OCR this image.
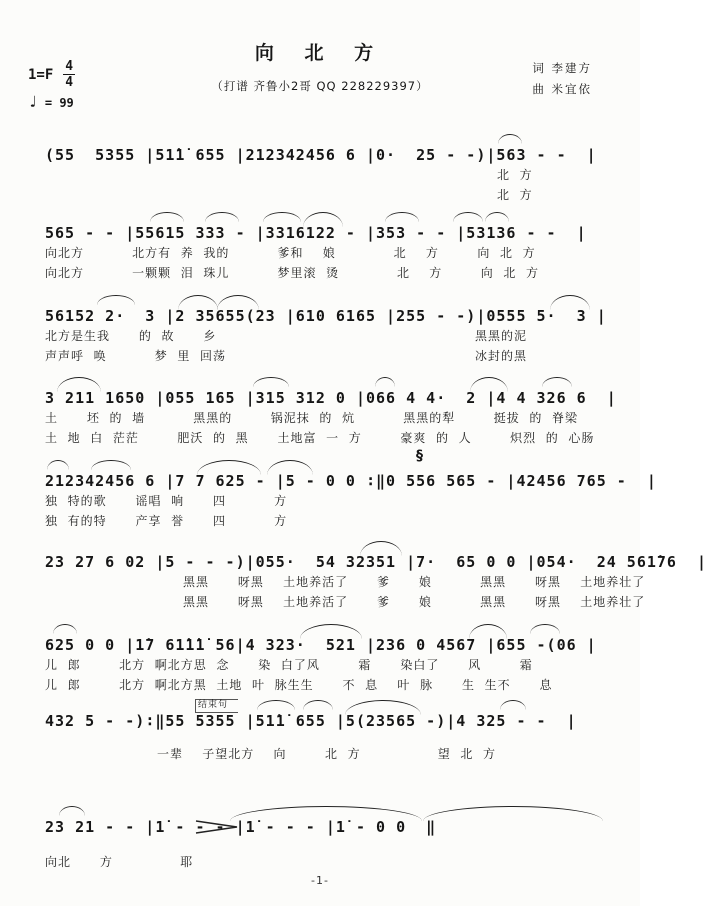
向 北 方
$1=F \frac{4}{4}$
♩ = 99
（打谱 齐鲁小2哥 QQ 228229397）
词 李建方
曲 米宜依
(55  5355 |51̇1̇ 655 |212342456 6 |0·  25 - -)|563 - -  |
北  方
北  方
565 - - |55615 333 - |3316122 - |353 - - |53136 - -  |
向北方          北方有  养  我的          爹和    娘            北    方        向  北  方
向北方          一颗颗  泪  珠儿          梦里滚  烫            北    方        向  北  方
56152 2·  3 |2 35655(23 |610 6165 |255 - -)|0555 5·  3 |
北方是生我      的  故      乡	黑黑的泥
声声呼  唤          梦  里  回荡	冰封的黑
3 211 1650 |055 165 |315 312 0 |066 4 4·  2 |4 4 326 6  |
土      坯  的  墙          黑黑的        锅泥抹  的  炕          黑黑的犁        挺拔  的  脊梁
土  地  白  茫茫        肥沃  的  黑      土地富  一  方        豪爽  的  人        炽烈  的  心肠
§
212342456 6 |7 7 625 - |5 - 0 0 ∶‖0 556 565 - |42456 765 -  |
独  特的歌      谣唱  响      四          方
独  有的特      产享  誉      四          方
23 27 6 02 |5 - - -)|055·  54 32351 |7·  65 0 0 |054·  24 561̇76  |
黑黑      呀黑    土地养活了      爹      娘          黑黑      呀黑    土地养壮了
黑黑      呀黑    土地养活了      爹      娘          黑黑      呀黑    土地养壮了
625 0 0 |1̇7 61̇1̇1̇ 56|4 323·  521 |236 0 4567 |655 -(06 |
儿  郎        北方  啊北方思  念      染  白了风        霜      染白了      风        霜
儿  郎        北方  啊北方黑  土地  叶  脉生生      不  息    叶  脉      生  生不      息
结束句
432 5 - -)∶‖55 5355 |51̇1̇ 655 |5(23565 -)|4 325 - -  |
一辈    子望北方    向        北  方                望  北  方
23 21 - - |1̇ - - - |1̇ - - - |1̇ - 0 0  ‖
向北      方              耶
-1-
